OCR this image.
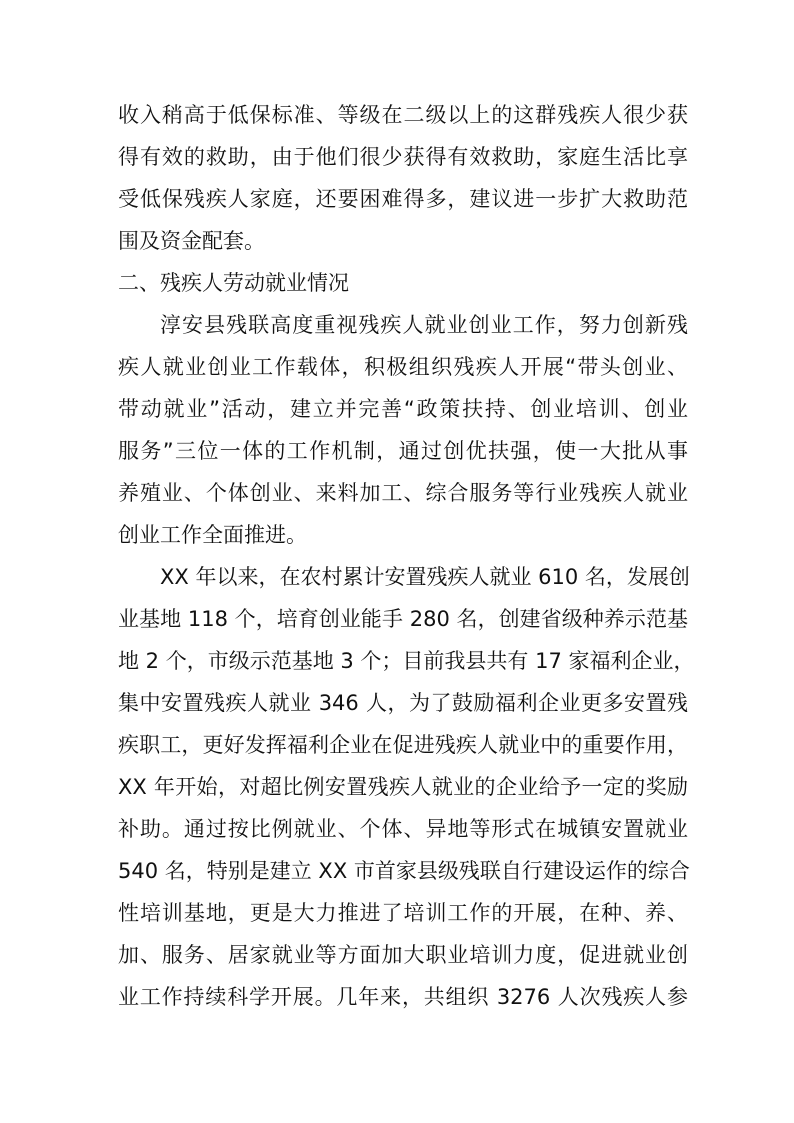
收入稍高于低保标准、等级在二级以上的这群残疾人很少获
得有效的救助，由于他们很少获得有效救助，家庭生活比享
受低保残疾人家庭，还要困难得多，建议进一步扩大救助范
围及资金配套。
二、残疾人劳动就业情况
淳安县残联高度重视残疾人就业创业工作，努力创新残
疾人就业创业工作载体，积极组织残疾人开展“带头创业、
带动就业”活动，建立并完善“政策扶持、创业培训、创业
服务”三位一体的工作机制，通过创优扶强，使一大批从事
养殖业、个体创业、来料加工、综合服务等行业残疾人就业
创业工作全面推进。
XX 年以来，在农村累计安置残疾人就业 610 名，发展创
业基地 118 个，培育创业能手 280 名，创建省级种养示范基
地 2 个，市级示范基地 3 个；目前我县共有 17 家福利企业，
集中安置残疾人就业 346 人，为了鼓励福利企业更多安置残
疾职工，更好发挥福利企业在促进残疾人就业中的重要作用，
XX 年开始，对超比例安置残疾人就业的企业给予一定的奖励
补助。通过按比例就业、个体、异地等形式在城镇安置就业
540 名，特别是建立 XX 市首家县级残联自行建设运作的综合
性培训基地，更是大力推进了培训工作的开展，在种、养、
加、服务、居家就业等方面加大职业培训力度，促进就业创
业工作持续科学开展。几年来，共组织 3276 人次残疾人参
